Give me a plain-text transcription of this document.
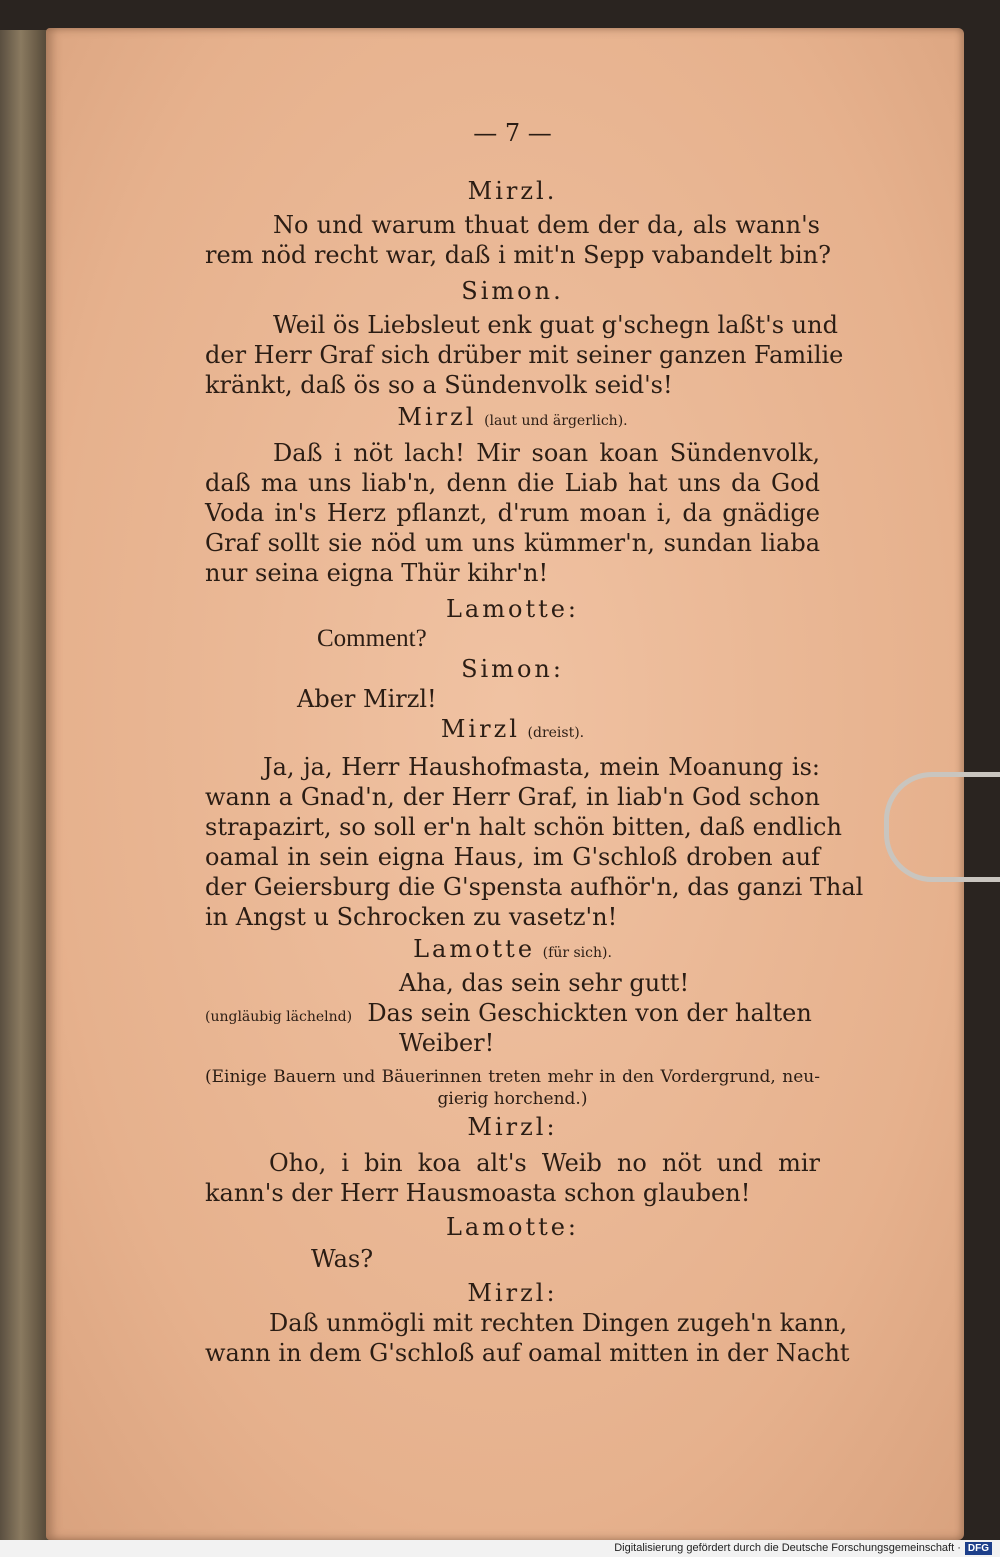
— 7 —
Mirzl.
No und warum thuat dem der da, als wann's
rem nöd recht war, daß i mit'n Sepp vabandelt bin?
Simon.
Weil ös Liebsleut enk guat g'schegn laßt's und
der Herr Graf sich drüber mit seiner ganzen Familie
kränkt, daß ös so a Sündenvolk seid's!
Mirzl (laut und ärgerlich).
Daß i nöt lach! Mir soan koan Sündenvolk,
daß ma uns liab'n, denn die Liab hat uns da God
Voda in's Herz pflanzt, d'rum moan i, da gnädige
Graf sollt sie nöd um uns kümmer'n, sundan liaba
nur seina eigna Thür kihr'n!
Lamotte:
Comment?
Simon:
Aber Mirzl!
Mirzl (dreist).
Ja, ja, Herr Haushofmasta, mein Moanung is:
wann a Gnad'n, der Herr Graf, in liab'n God schon
strapazirt, so soll er'n halt schön bitten, daß endlich
oamal in sein eigna Haus, im G'schloß droben auf
der Geiersburg die G'spensta aufhör'n, das ganzi Thal
in Angst u Schrocken zu vasetz'n!
Lamotte (für sich).
Aha, das sein sehr gutt!
(ungläubig lächelnd) Das sein Geschickten von der halten
Weiber!
(Einige Bauern und Bäuerinnen treten mehr in den Vordergrund, neu-
gierig horchend.)
Mirzl:
Oho, i bin koa alt's Weib no nöt und mir
kann's der Herr Hausmoasta schon glauben!
Lamotte:
Was?
Mirzl:
Daß unmögli mit rechten Dingen zugeh'n kann,
wann in dem G'schloß auf oamal mitten in der Nacht
Digitalisierung gefördert durch die Deutsche Forschungsgemeinschaft · DFG
